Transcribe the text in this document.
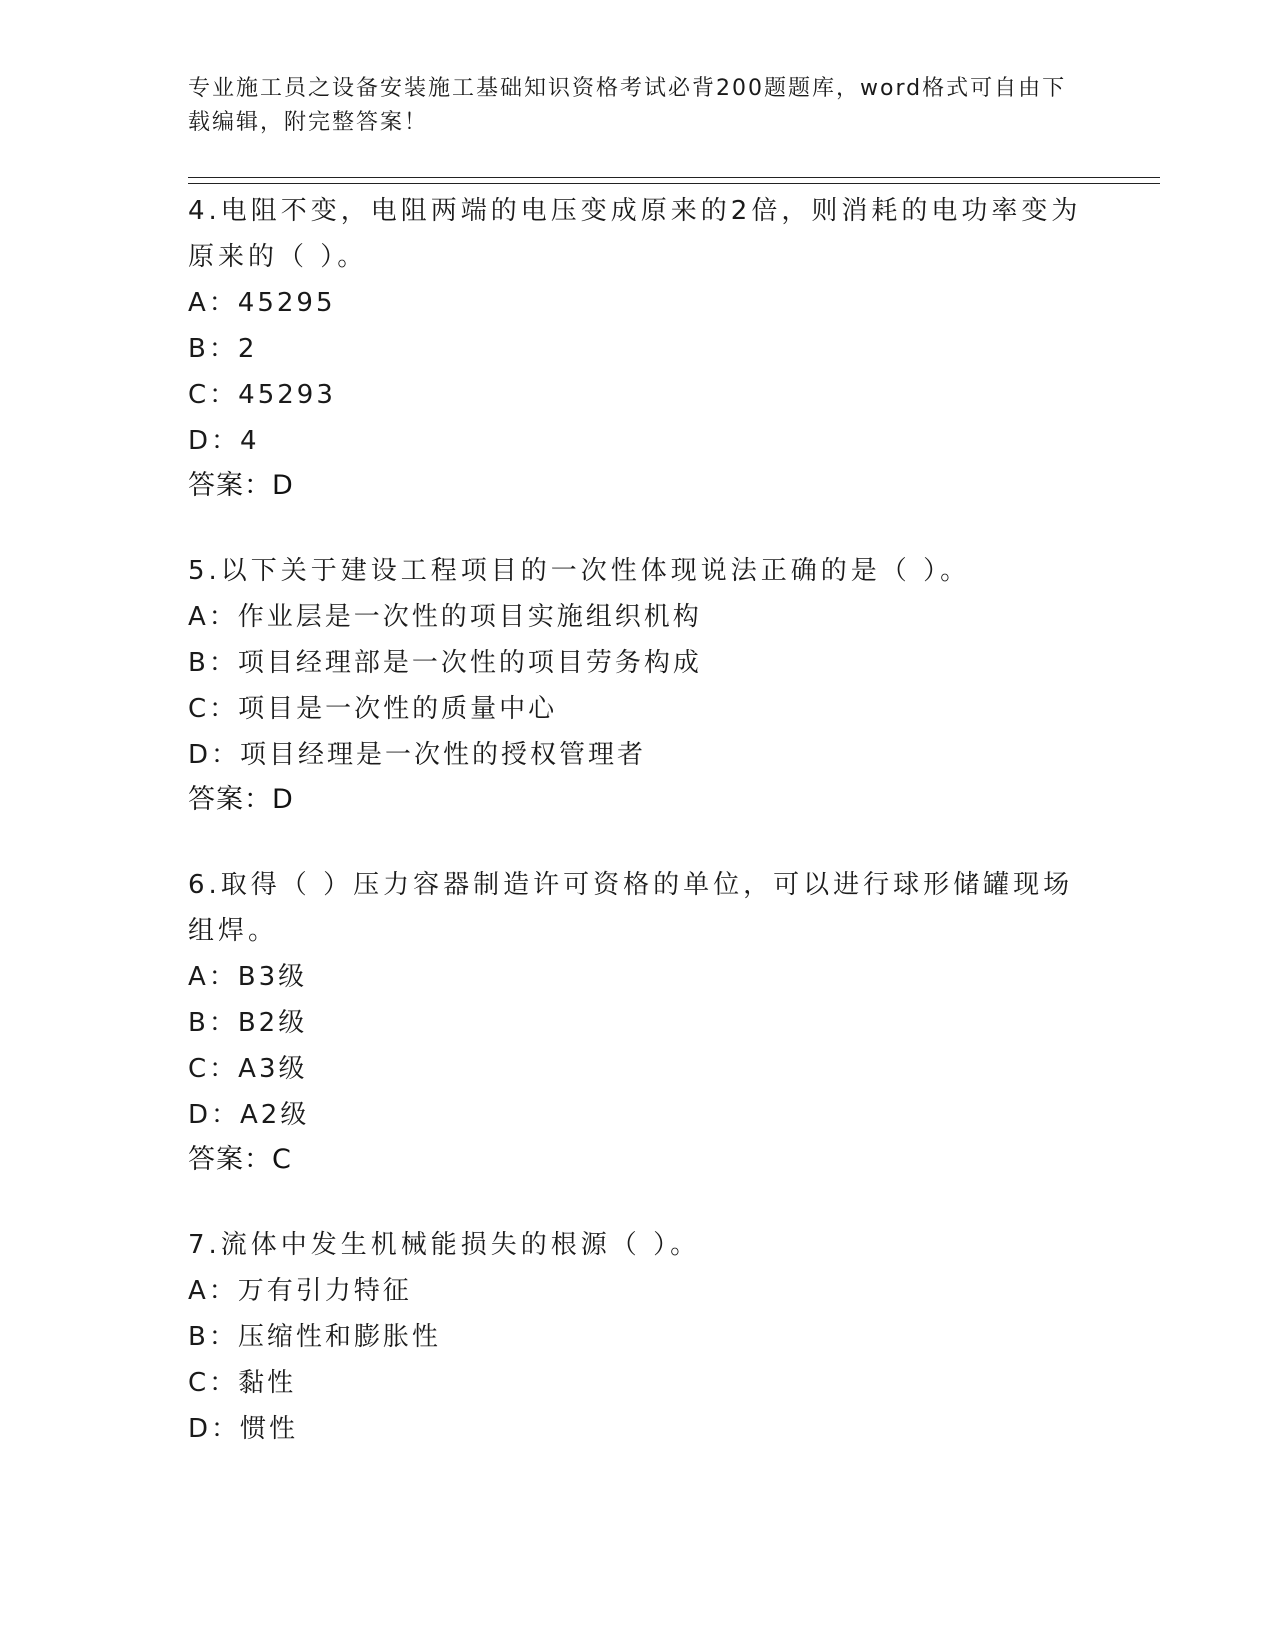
专业施工员之设备安装施工基础知识资格考试必背200题题库，word格式可自由下载编辑，附完整答案！

4.电阻不变，电阻两端的电压变成原来的2倍，则消耗的电功率变为原来的（ ）。

A：45295

B：2

C：45293

D：4

答案：D

5.以下关于建设工程项目的一次性体现说法正确的是（ ）。

A：作业层是一次性的项目实施组织机构

B：项目经理部是一次性的项目劳务构成

C：项目是一次性的质量中心

D：项目经理是一次性的授权管理者

答案：D

6.取得（ ）压力容器制造许可资格的单位，可以进行球形储罐现场组焊。

A：B3级

B：B2级

C：A3级

D：A2级

答案：C

7.流体中发生机械能损失的根源（ ）。

A：万有引力特征

B：压缩性和膨胀性

C：黏性

D：惯性
